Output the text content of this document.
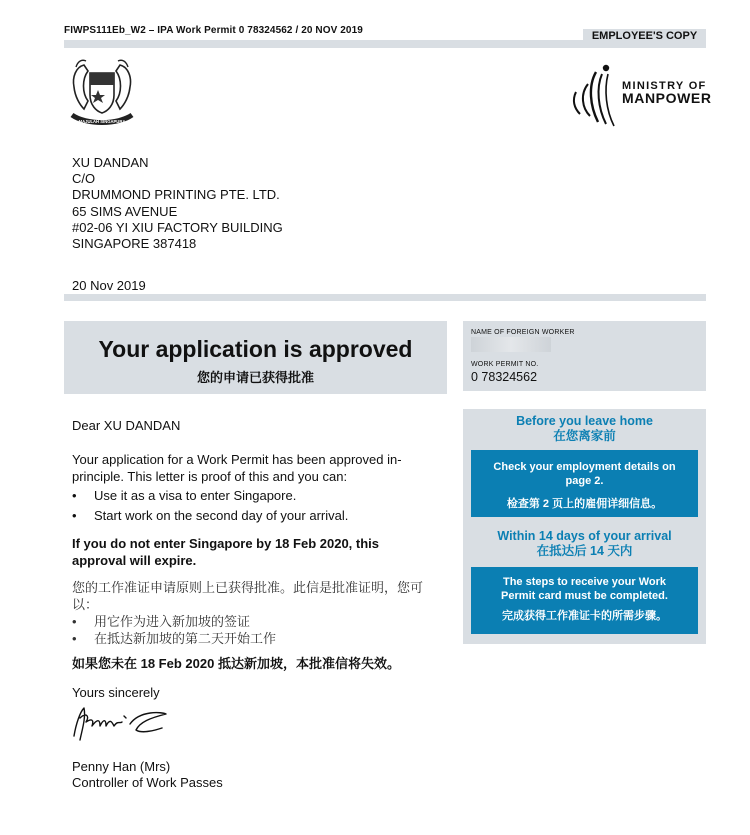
FIWPS111Eb_W2 – IPA Work Permit 0 78324562 / 20 NOV 2019	EMPLOYEE'S COPY
MAJULAH SINGAPURA
MINISTRY OF
MANPOWER
XU DANDAN
C/O
DRUMMOND PRINTING PTE. LTD.
65 SIMS AVENUE
#02-06 YI XIU FACTORY BUILDING
SINGAPORE 387418
20 Nov 2019
Your application is approved
您的申请已获得批准
NAME OF FOREIGN WORKER
WORK PERMIT NO.
0 78324562
Before you leave home
在您离家前
Check your employment details on page 2.
检查第 2 页上的雇佣详细信息。
Within 14 days of your arrival
在抵达后 14 天内
The steps to receive your Work Permit card must be completed.
完成获得工作准证卡的所需步骤。
Dear XU DANDAN
Your application for a Work Permit has been approved in-principle. This letter is proof of this and you can:
• Use it as a visa to enter Singapore.
• Start work on the second day of your arrival.
If you do not enter Singapore by 18 Feb 2020, this approval will expire.
您的工作准证申请原则上已获得批准。此信是批准证明，您可以：
• 用它作为进入新加坡的签证
• 在抵达新加坡的第二天开始工作
如果您未在 18 Feb 2020 抵达新加坡，本批准信将失效。
Yours sincerely
Penny Han (Mrs)
Controller of Work Passes
